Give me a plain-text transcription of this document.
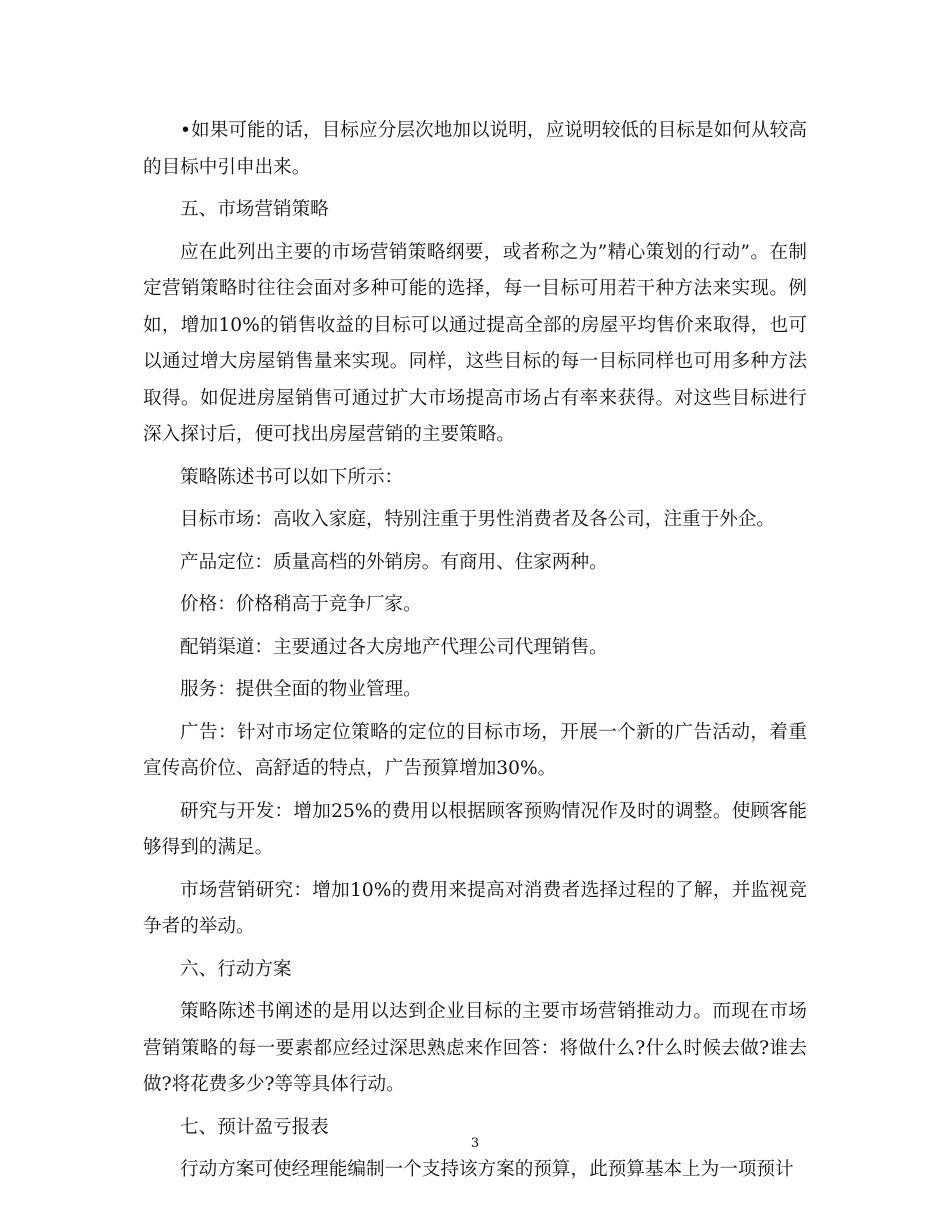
•如果可能的话，目标应分层次地加以说明，应说明较低的目标是如何从较高的目标中引申出来。

五、市场营销策略

应在此列出主要的市场营销策略纲要，或者称之为”精心策划的行动”。在制定营销策略时往往会面对多种可能的选择，每一目标可用若干种方法来实现。例如，增加10%的销售收益的目标可以通过提高全部的房屋平均售价来取得，也可以通过增大房屋销售量来实现。同样，这些目标的每一目标同样也可用多种方法取得。如促进房屋销售可通过扩大市场提高市场占有率来获得。对这些目标进行深入探讨后，便可找出房屋营销的主要策略。

策略陈述书可以如下所示：

目标市场：高收入家庭，特别注重于男性消费者及各公司，注重于外企。

产品定位：质量高档的外销房。有商用、住家两种。

价格：价格稍高于竞争厂家。

配销渠道：主要通过各大房地产代理公司代理销售。

服务：提供全面的物业管理。

广告：针对市场定位策略的定位的目标市场，开展一个新的广告活动，着重宣传高价位、高舒适的特点，广告预算增加30%。

研究与开发：增加25%的费用以根据顾客预购情况作及时的调整。使顾客能够得到的满足。

市场营销研究：增加10%的费用来提高对消费者选择过程的了解，并监视竞争者的举动。

六、行动方案

策略陈述书阐述的是用以达到企业目标的主要市场营销推动力。而现在市场营销策略的每一要素都应经过深思熟虑来作回答：将做什么?什么时候去做?谁去做?将花费多少?等等具体行动。

七、预计盈亏报表

行动方案可使经理能编制一个支持该方案的预算，此预算基本上为一项预计

3
